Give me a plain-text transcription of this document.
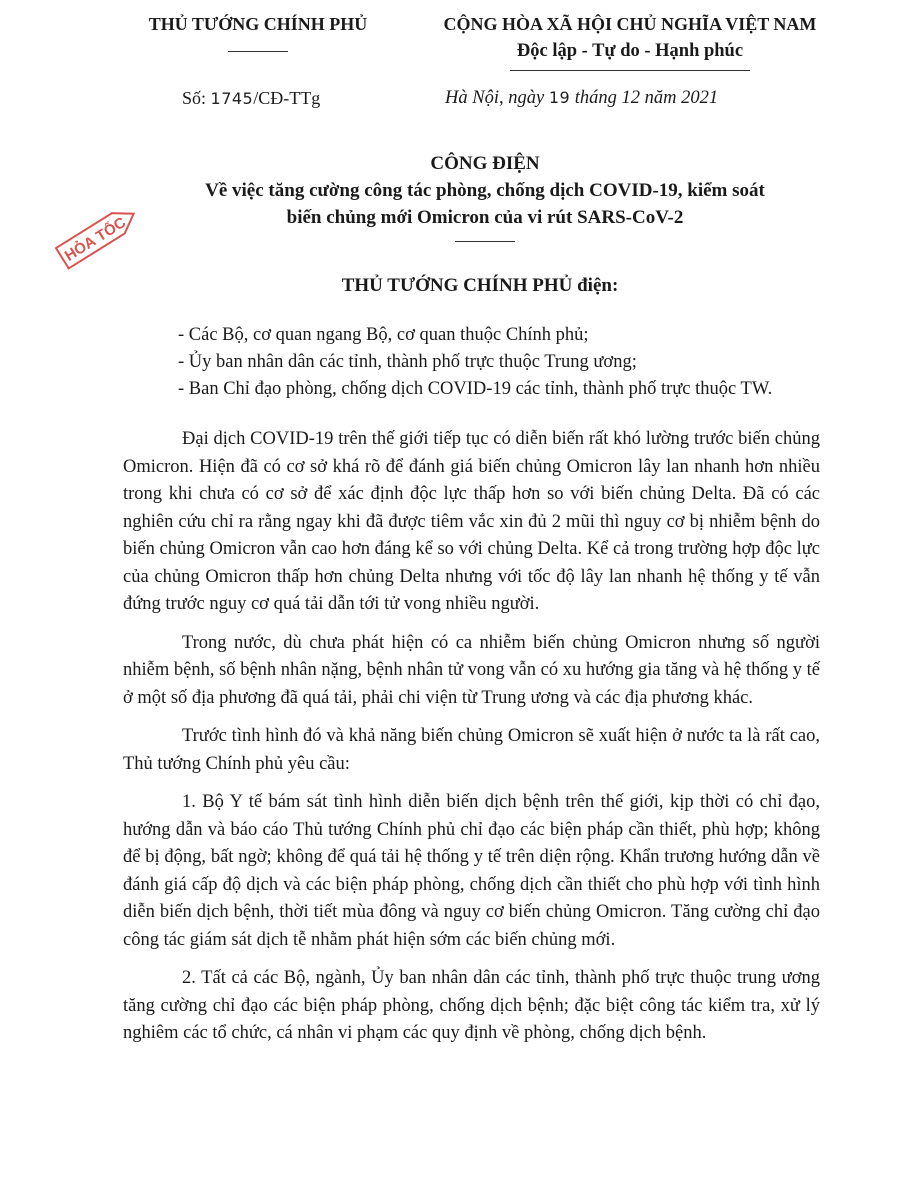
THỦ TƯỚNG CHÍNH PHỦ	CỘNG HÒA XÃ HỘI CHỦ NGHĨA VIỆT NAM
Độc lập - Tự do - Hạnh phúc
Số: 1745/CĐ-TTg	Hà Nội, ngày 19 tháng 12 năm 2021
HỎA TỐC
CÔNG ĐIỆN
Về việc tăng cường công tác phòng, chống dịch COVID-19, kiểm soát
biến chủng mới Omicron của vi rút SARS-CoV-2
THỦ TƯỚNG CHÍNH PHỦ điện:
- Các Bộ, cơ quan ngang Bộ, cơ quan thuộc Chính phủ;
- Ủy ban nhân dân các tỉnh, thành phố trực thuộc Trung ương;
- Ban Chỉ đạo phòng, chống dịch COVID-19 các tỉnh, thành phố trực thuộc TW.

Đại dịch COVID-19 trên thế giới tiếp tục có diễn biến rất khó lường trước biến chủng Omicron. Hiện đã có cơ sở khá rõ để đánh giá biến chủng Omicron lây lan nhanh hơn nhiều trong khi chưa có cơ sở để xác định độc lực thấp hơn so với biến chủng Delta. Đã có các nghiên cứu chỉ ra rằng ngay khi đã được tiêm vắc xin đủ 2 mũi thì nguy cơ bị nhiễm bệnh do biến chủng Omicron vẫn cao hơn đáng kể so với chủng Delta. Kể cả trong trường hợp độc lực của chủng Omicron thấp hơn chủng Delta nhưng với tốc độ lây lan nhanh hệ thống y tế vẫn đứng trước nguy cơ quá tải dẫn tới tử vong nhiều người.

Trong nước, dù chưa phát hiện có ca nhiễm biến chủng Omicron nhưng số người nhiễm bệnh, số bệnh nhân nặng, bệnh nhân tử vong vẫn có xu hướng gia tăng và hệ thống y tế ở một số địa phương đã quá tải, phải chi viện từ Trung ương và các địa phương khác.

Trước tình hình đó và khả năng biến chủng Omicron sẽ xuất hiện ở nước ta là rất cao, Thủ tướng Chính phủ yêu cầu:

1. Bộ Y tế bám sát tình hình diễn biến dịch bệnh trên thế giới, kịp thời có chỉ đạo, hướng dẫn và báo cáo Thủ tướng Chính phủ chỉ đạo các biện pháp cần thiết, phù hợp; không để bị động, bất ngờ; không để quá tải hệ thống y tế trên diện rộng. Khẩn trương hướng dẫn về đánh giá cấp độ dịch và các biện pháp phòng, chống dịch cần thiết cho phù hợp với tình hình diễn biến dịch bệnh, thời tiết mùa đông và nguy cơ biến chủng Omicron. Tăng cường chỉ đạo công tác giám sát dịch tễ nhằm phát hiện sớm các biến chủng mới.

2. Tất cả các Bộ, ngành, Ủy ban nhân dân các tỉnh, thành phố trực thuộc trung ương tăng cường chỉ đạo các biện pháp phòng, chống dịch bệnh; đặc biệt công tác kiểm tra, xử lý nghiêm các tổ chức, cá nhân vi phạm các quy định về phòng, chống dịch bệnh.
